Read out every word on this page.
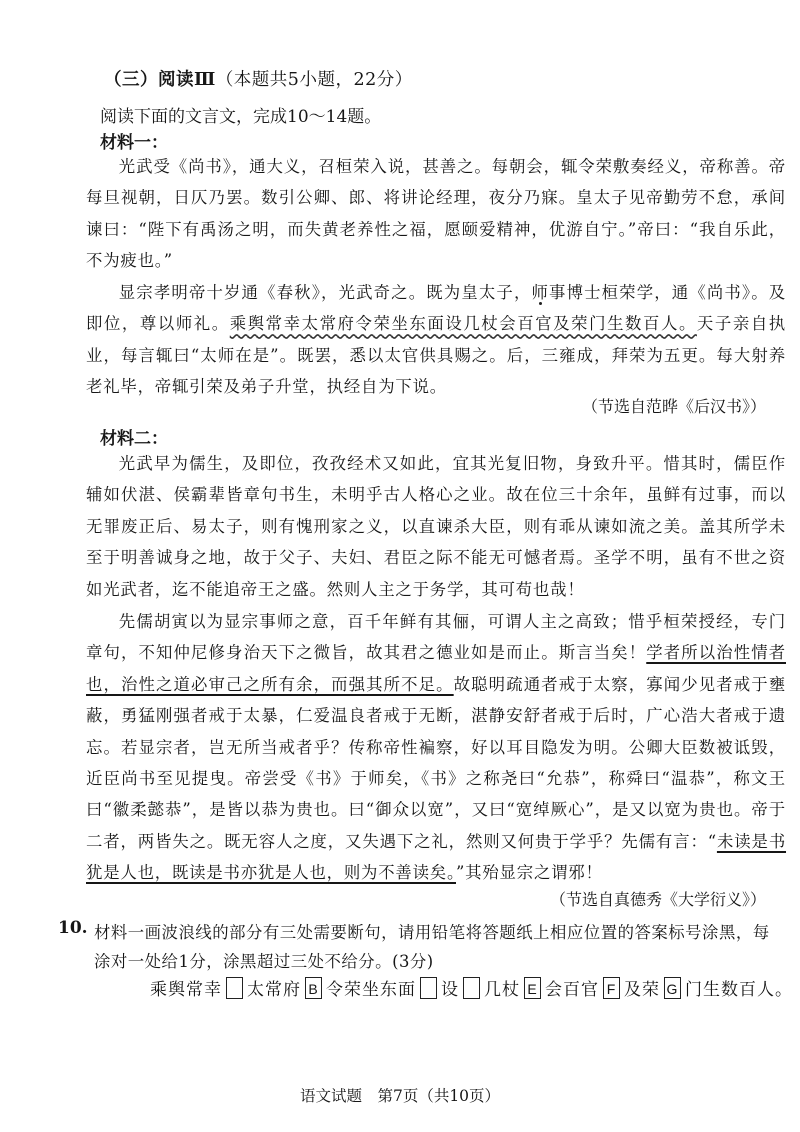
（三）阅读Ⅲ（本题共5小题，22分）
阅读下面的文言文，完成10～14题。
材料一：

光武受《尚书》，通大义，召桓荣入说，甚善之。每朝会，辄令荣敷奏经义，帝称善。帝每旦视朝，日仄乃罢。数引公卿、郎、将讲论经理，夜分乃寐。皇太子见帝勤劳不怠，承间谏曰：“陛下有禹汤之明，而失黄老养性之福，愿颐爱精神，优游自宁。”帝曰：“我自乐此，不为疲也。”

显宗孝明帝十岁通《春秋》，光武奇之。既为皇太子，师事博士桓荣学，通《尚书》。及即位，尊以师礼。乘舆常幸太常府令荣坐东面设几杖会百官及荣门生数百人。天子亲自执业，每言辄曰“太师在是”。既罢，悉以太官供具赐之。后，三雍成，拜荣为五更。每大射养老礼毕，帝辄引荣及弟子升堂，执经自为下说。

（节选自范晔《后汉书》）
材料二：

光武早为儒生，及即位，孜孜经术又如此，宜其光复旧物，身致升平。惜其时，儒臣作辅如伏湛、侯霸辈皆章句书生，未明乎古人格心之业。故在位三十余年，虽鲜有过事，而以无罪废正后、易太子，则有愧刑家之义，以直谏杀大臣，则有乖从谏如流之美。盖其所学未至于明善诚身之地，故于父子、夫妇、君臣之际不能无可憾者焉。圣学不明，虽有不世之资如光武者，迄不能追帝王之盛。然则人主之于务学，其可苟也哉！

先儒胡寅以为显宗事师之意，百千年鲜有其俪，可谓人主之高致；惜乎桓荣授经，专门章句，不知仲尼修身治天下之微旨，故其君之德业如是而止。斯言当矣！学者所以治性情者也，治性之道必审己之所有余，而强其所不足。故聪明疏通者戒于太察，寡闻少见者戒于壅蔽，勇猛刚强者戒于太暴，仁爱温良者戒于无断，湛静安舒者戒于后时，广心浩大者戒于遗忘。若显宗者，岂无所当戒者乎？传称帝性褊察，好以耳目隐发为明。公卿大臣数被诋毁，近臣尚书至见提曳。帝尝受《书》于师矣，《书》之称尧曰“允恭”，称舜曰“温恭”，称文王曰“徽柔懿恭”，是皆以恭为贵也。曰“御众以宽”，又曰“宽绰厥心”，是又以宽为贵也。帝于二者，两皆失之。既无容人之度，又失遇下之礼，然则又何贵于学乎？先儒有言：“未读是书犹是人也，既读是书亦犹是人也，则为不善读矣。”其殆显宗之谓邪！

（节选自真德秀《大学衍义》）
10. 材料一画波浪线的部分有三处需要断句，请用铅笔将答题纸上相应位置的答案标号涂黑，每涂对一处给1分，涂黑超过三处不给分。(3分)
乘舆常幸 太常府 B 令荣坐东面 设 几杖 E 会百官 F 及荣 G 门生数百人。
语文试题　第7页（共10页）
